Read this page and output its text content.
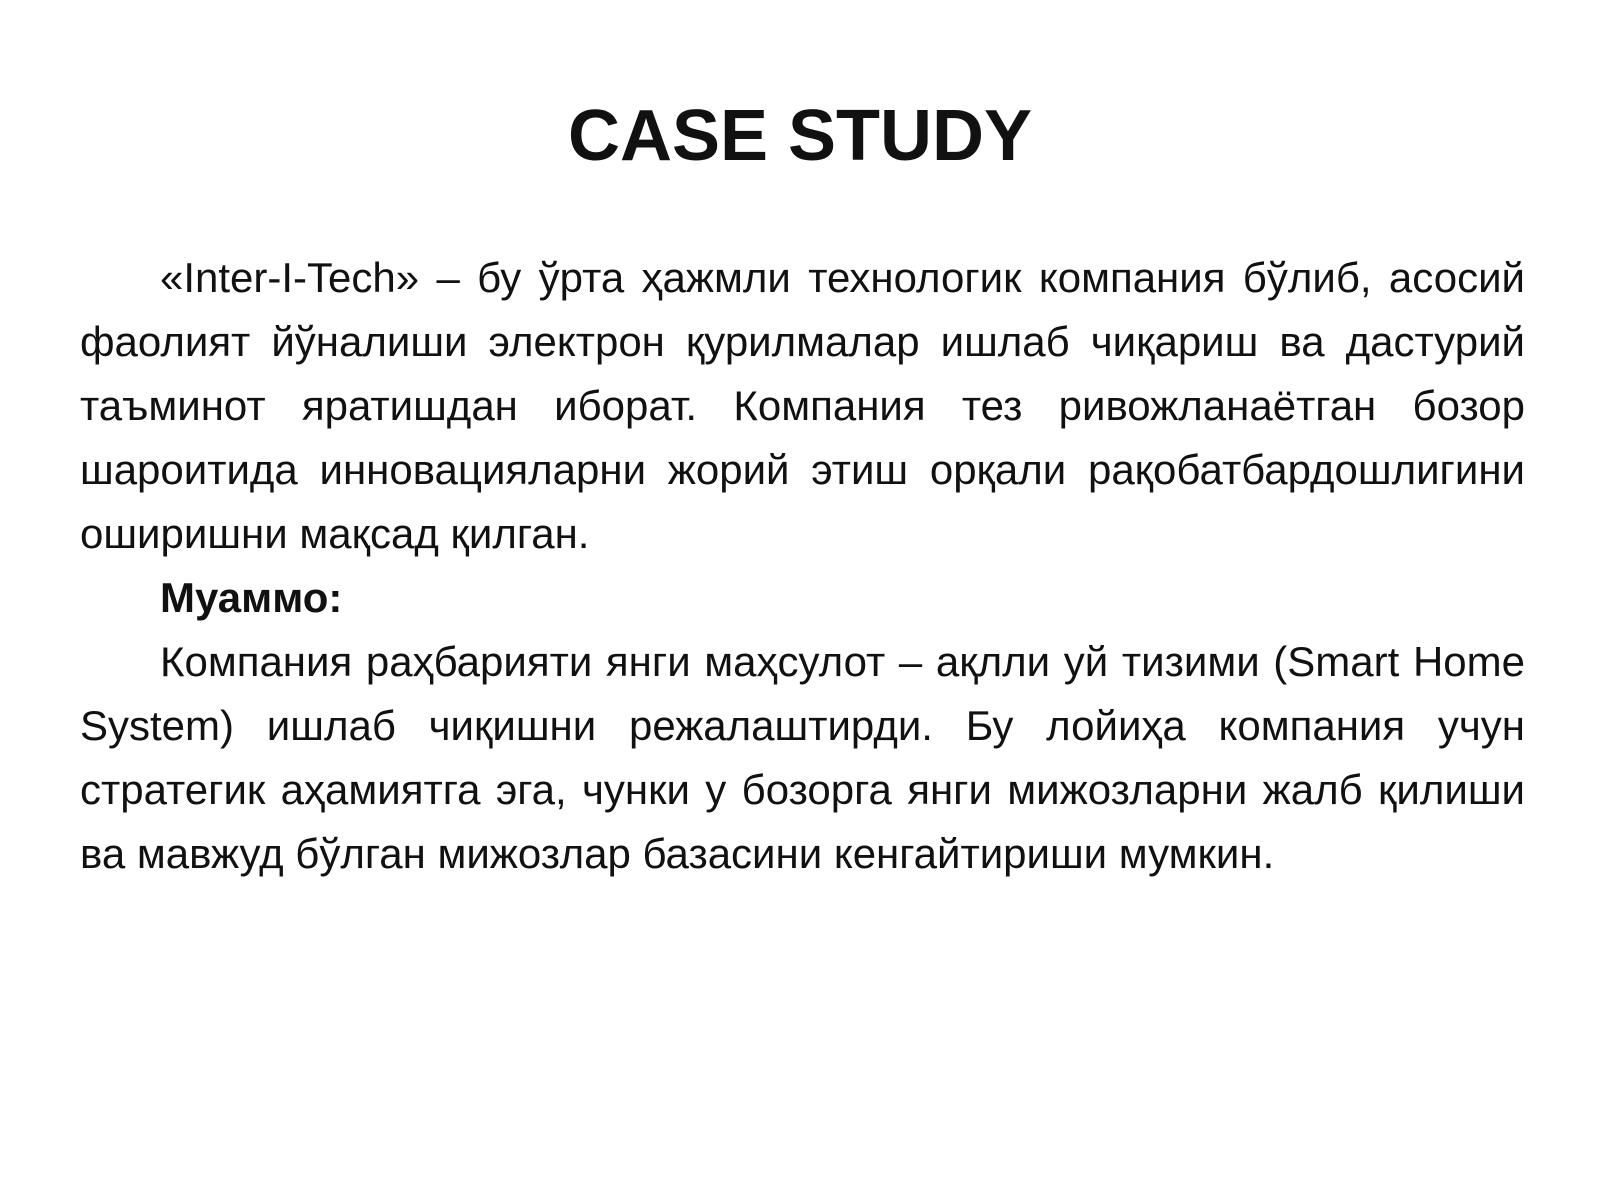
CASE STUDY

«Inter-I-Tech» – бу ўрта ҳажмли технологик компания бўлиб, асосий фаолият йўналиши электрон қурилмалар ишлаб чиқариш ва дастурий таъминот яратишдан иборат. Компания тез ривожланаётган бозор шароитида инновацияларни жорий этиш орқали рақобатбардошлигини оширишни мақсад қилган.

Муаммо:

Компания раҳбарияти янги маҳсулот – ақлли уй тизими (Smart Home System) ишлаб чиқишни режалаштирди. Бу лойиҳа компания учун стратегик аҳамиятга эга, чунки у бозорга янги мижозларни жалб қилиши ва мавжуд бўлган мижозлар базасини кенгайтириши мумкин.
